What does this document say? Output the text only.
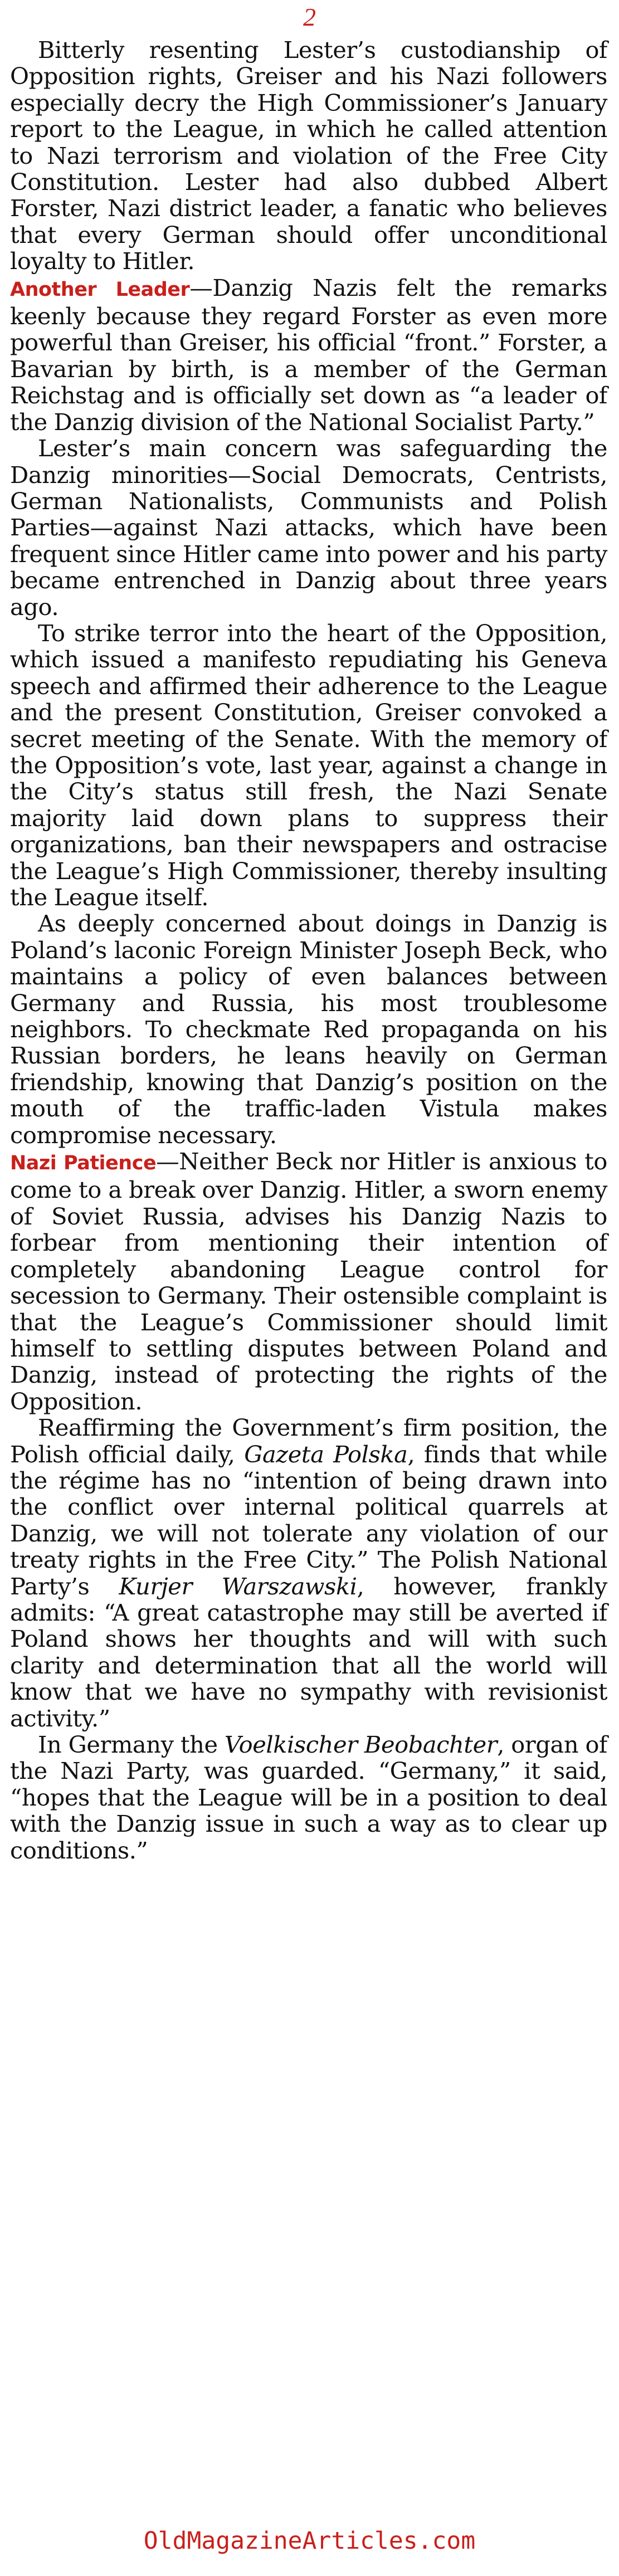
2

Bitterly resenting Lester’s custodianship of Opposition rights, Greiser and his Nazi followers especially decry the High Commissioner’s January report to the League, in which he called attention to Nazi terrorism and violation of the Free City Constitution. Lester had also dubbed Albert Forster, Nazi district leader, a fanatic who believes that every German should offer unconditional loyalty to Hitler.

Another Leader—Danzig Nazis felt the remarks keenly because they regard Forster as even more powerful than Greiser, his official “front.” Forster, a Bavarian by birth, is a member of the German Reichstag and is officially set down as “a leader of the Danzig division of the National Socialist Party.”

Lester’s main concern was safeguarding the Danzig minorities—Social Democrats, Centrists, German Nationalists, Communists and Polish Parties—against Nazi attacks, which have been frequent since Hitler came into power and his party became entrenched in Danzig about three years ago.

To strike terror into the heart of the Opposition, which issued a manifesto repudiating his Geneva speech and affirmed their adherence to the League and the present Constitution, Greiser convoked a secret meeting of the Senate. With the memory of the Opposition’s vote, last year, against a change in the City’s status still fresh, the Nazi Senate majority laid down plans to suppress their organizations, ban their newspapers and ostracise the League’s High Commissioner, thereby insulting the League itself.

As deeply concerned about doings in Danzig is Poland’s laconic Foreign Minister Joseph Beck, who maintains a policy of even balances between Germany and Russia, his most troublesome neighbors. To checkmate Red propaganda on his Russian borders, he leans heavily on German friendship, knowing that Danzig’s position on the mouth of the traffic-laden Vistula makes compromise necessary.

Nazi Patience—Neither Beck nor Hitler is anxious to come to a break over Danzig. Hitler, a sworn enemy of Soviet Russia, advises his Danzig Nazis to forbear from mentioning their intention of completely abandoning League control for secession to Germany. Their ostensible complaint is that the League’s Commissioner should limit himself to settling disputes between Poland and Danzig, instead of protecting the rights of the Opposition.

Reaffirming the Government’s firm position, the Polish official daily, Gazeta Polska, finds that while the régime has no “intention of being drawn into the conflict over internal political quarrels at Danzig, we will not tolerate any violation of our treaty rights in the Free City.” The Polish National Party’s Kurjer Warszawski, however, frankly admits: “A great catastrophe may still be averted if Poland shows her thoughts and will with such clarity and determination that all the world will know that we have no sympathy with revisionist activity.”

In Germany the Voelkischer Beobachter, organ of the Nazi Party, was guarded. “Germany,” it said, “hopes that the League will be in a position to deal with the Danzig issue in such a way as to clear up conditions.”

OldMagazineArticles.com
